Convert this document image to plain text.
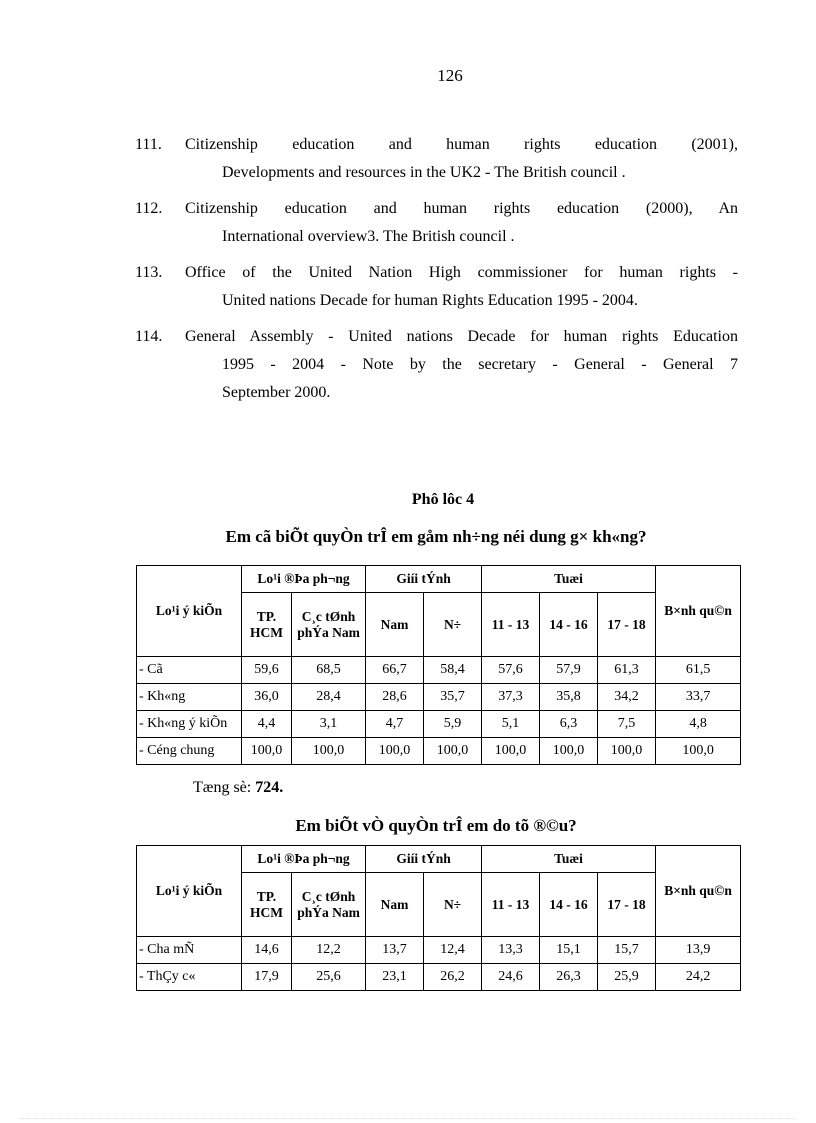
126
111. Citizenship education and human rights education (2001),
Developments and resources in the UK2 - The British council .
112. Citizenship education and human rights education (2000), An
International overview3. The British council .
113. Office of the United Nation High commissioner for human rights -
United nations Decade for human Rights Education 1995 - 2004.
114. General Assembly - United nations Decade for human rights Education
1995 - 2004 - Note by the secretary - General - General 7
September 2000.
Phô lôc 4
Em cã biÕt quyÒn trÎ em gåm nh÷ng néi dung g× kh«ng?
Lo¹i ý kiÕn	Lo¹i ®Þa ph¬ng		Giíi tÝnh		Tuæi			B×nh qu©n
	TP. HCM	C¸c tØnh phÝa Nam	Nam	N÷	11 - 13	14 - 16	17 - 18	
- Cã	59,6	68,5	66,7	58,4	57,6	57,9	61,3	61,5
- Kh«ng	36,0	28,4	28,6	35,7	37,3	35,8	34,2	33,7
- Kh«ng ý kiÕn	4,4	3,1	4,7	5,9	5,1	6,3	7,5	4,8
- Céng chung	100,0	100,0	100,0	100,0	100,0	100,0	100,0	100,0
Tæng sè: 724.
Em biÕt vÒ quyÒn trÎ em do tõ ®©u?
Lo¹i ý kiÕn	Lo¹i ®Þa ph¬ng		Giíi tÝnh		Tuæi			B×nh qu©n
	TP. HCM	C¸c tØnh phÝa Nam	Nam	N÷	11 - 13	14 - 16	17 - 18	
- Cha mÑ	14,6	12,2	13,7	12,4	13,3	15,1	15,7	13,9
- ThÇy c«	17,9	25,6	23,1	26,2	24,6	26,3	25,9	24,2
